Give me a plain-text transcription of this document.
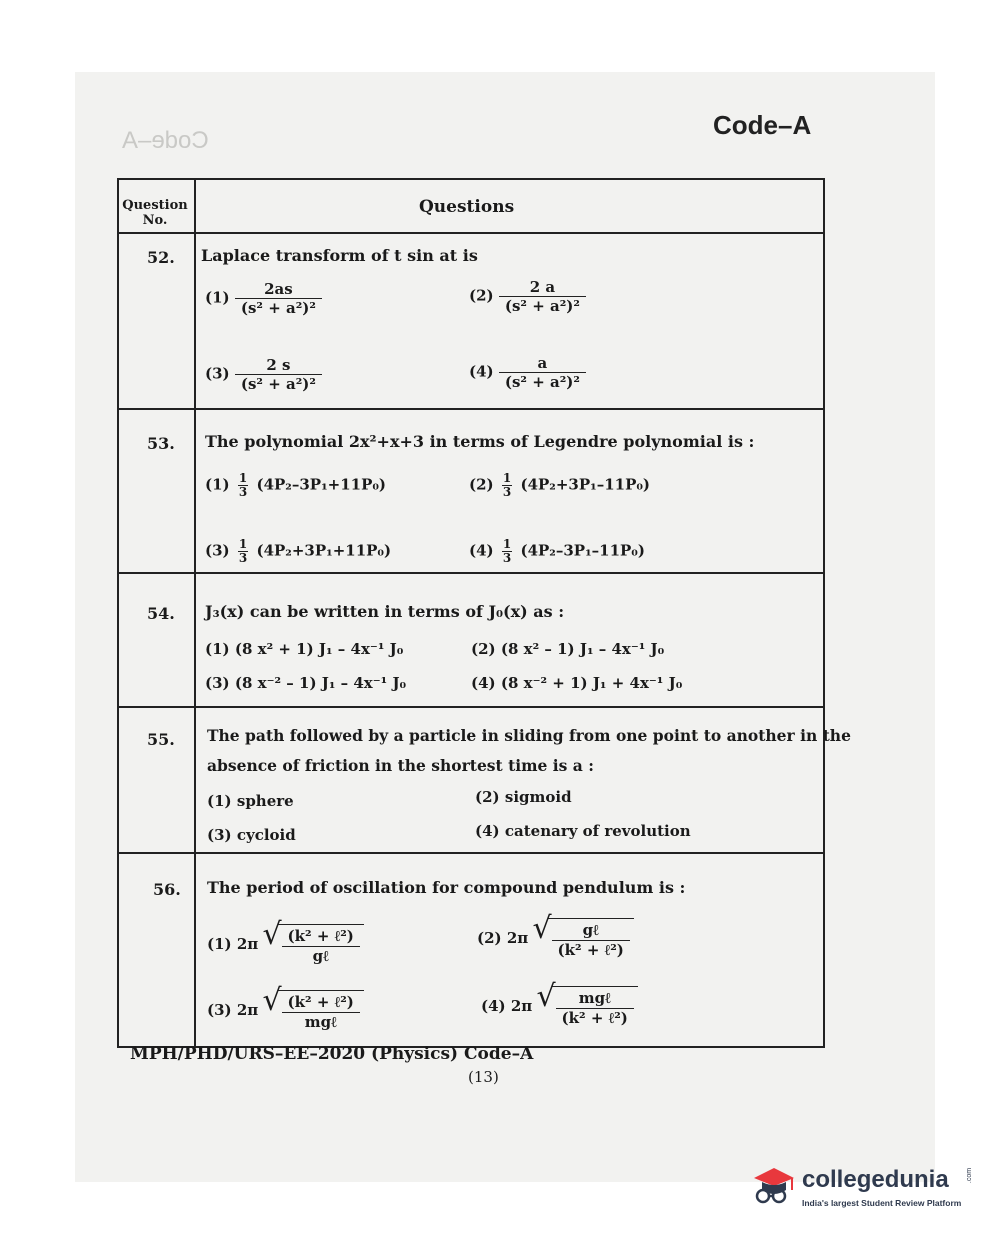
Code–A
Code–A
Question No.
Questions
52. Laplace transform of t sin at is
$(1) \frac{2as}{\text{(s² + a²)²}}$	$(2) \frac{2 a}{\text{(s² + a²)²}}$
$(3) \frac{2 s}{\text{(s² + a²)²}}$	$(4) \frac{a}{\text{(s² + a²)²}}$
53. The polynomial 2x²+x+3 in terms of Legendre polynomial is :
$(1) \frac{1}{3} (4P_2-3P_1+11P_0)$	$(2) \frac{1}{3} (4P_2+3P_1-11P_0)$
$(3) \frac{1}{3} (4P_2+3P_1+11P_0)$	$(4) \frac{1}{3} (4P_2-3P_1-11P_0)$
54. J₃(x) can be written in terms of J₀(x) as :
(1) (8 x² + 1) J₁ – 4x⁻¹ J₀	(2) (8 x² – 1) J₁ – 4x⁻¹ J₀
(3) (8 x⁻² – 1) J₁ – 4x⁻¹ J₀	(4) (8 x⁻² + 1) J₁ + 4x⁻¹ J₀
55. The path followed by a particle in sliding from one point to another in the
absence of friction in the shortest time is a :
(1) sphere	(2) sigmoid
(3) cycloid	(4) catenary of revolution
56. The period of oscillation for compound pendulum is :
(1) 2π √ $\frac{\text{(k² + ℓ²)}}{\text{gℓ}}$	(2) 2π √ $\frac{\text{gℓ}}{\text{(k² + ℓ²)}}$
(3) 2π √ $\frac{\text{(k² + ℓ²)}}{\text{mgℓ}}$	(4) 2π √ $\frac{\text{mgℓ}}{\text{(k² + ℓ²)}}$
MPH/PHD/URS–EE–2020 (Physics) Code–A
(13)
collegedunia
India's largest Student Review Platform
.com
